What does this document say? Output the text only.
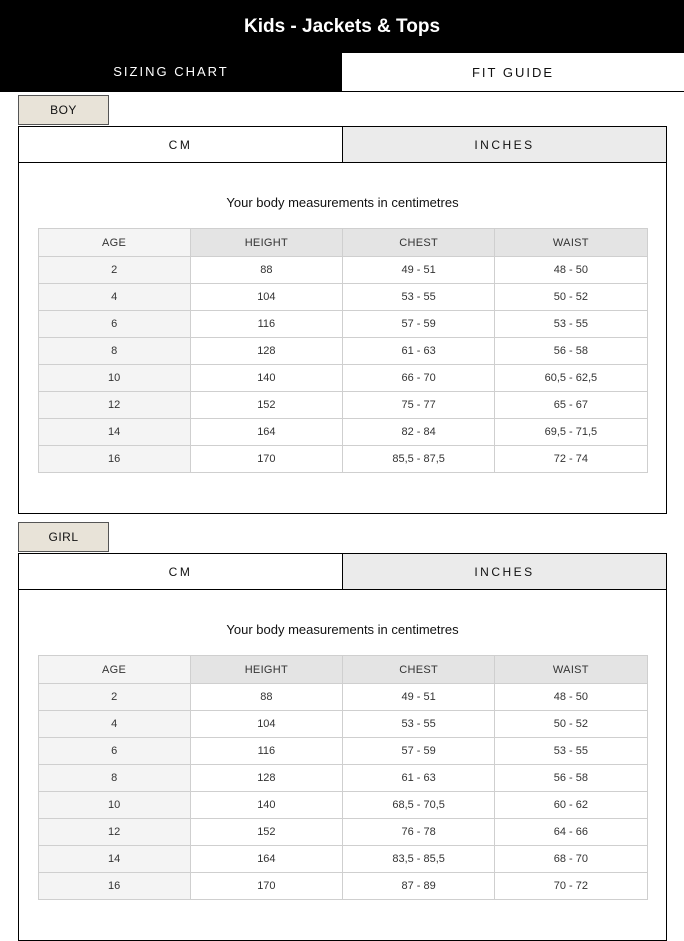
Kids - Jackets & Tops
SIZING CHART	FIT GUIDE
BOY
CM	INCHES
Your body measurements in centimetres
AGE	HEIGHT	CHEST	WAIST
2	88	49 - 51	48 - 50
4	104	53 - 55	50 - 52
6	116	57 - 59	53 - 55
8	128	61 - 63	56 - 58
10	140	66 - 70	60,5 - 62,5
12	152	75 - 77	65 - 67
14	164	82 - 84	69,5 - 71,5
16	170	85,5 - 87,5	72 - 74
GIRL
CM	INCHES
Your body measurements in centimetres
AGE	HEIGHT	CHEST	WAIST
2	88	49 - 51	48 - 50
4	104	53 - 55	50 - 52
6	116	57 - 59	53 - 55
8	128	61 - 63	56 - 58
10	140	68,5 - 70,5	60 - 62
12	152	76 - 78	64 - 66
14	164	83,5 - 85,5	68 - 70
16	170	87 - 89	70 - 72
